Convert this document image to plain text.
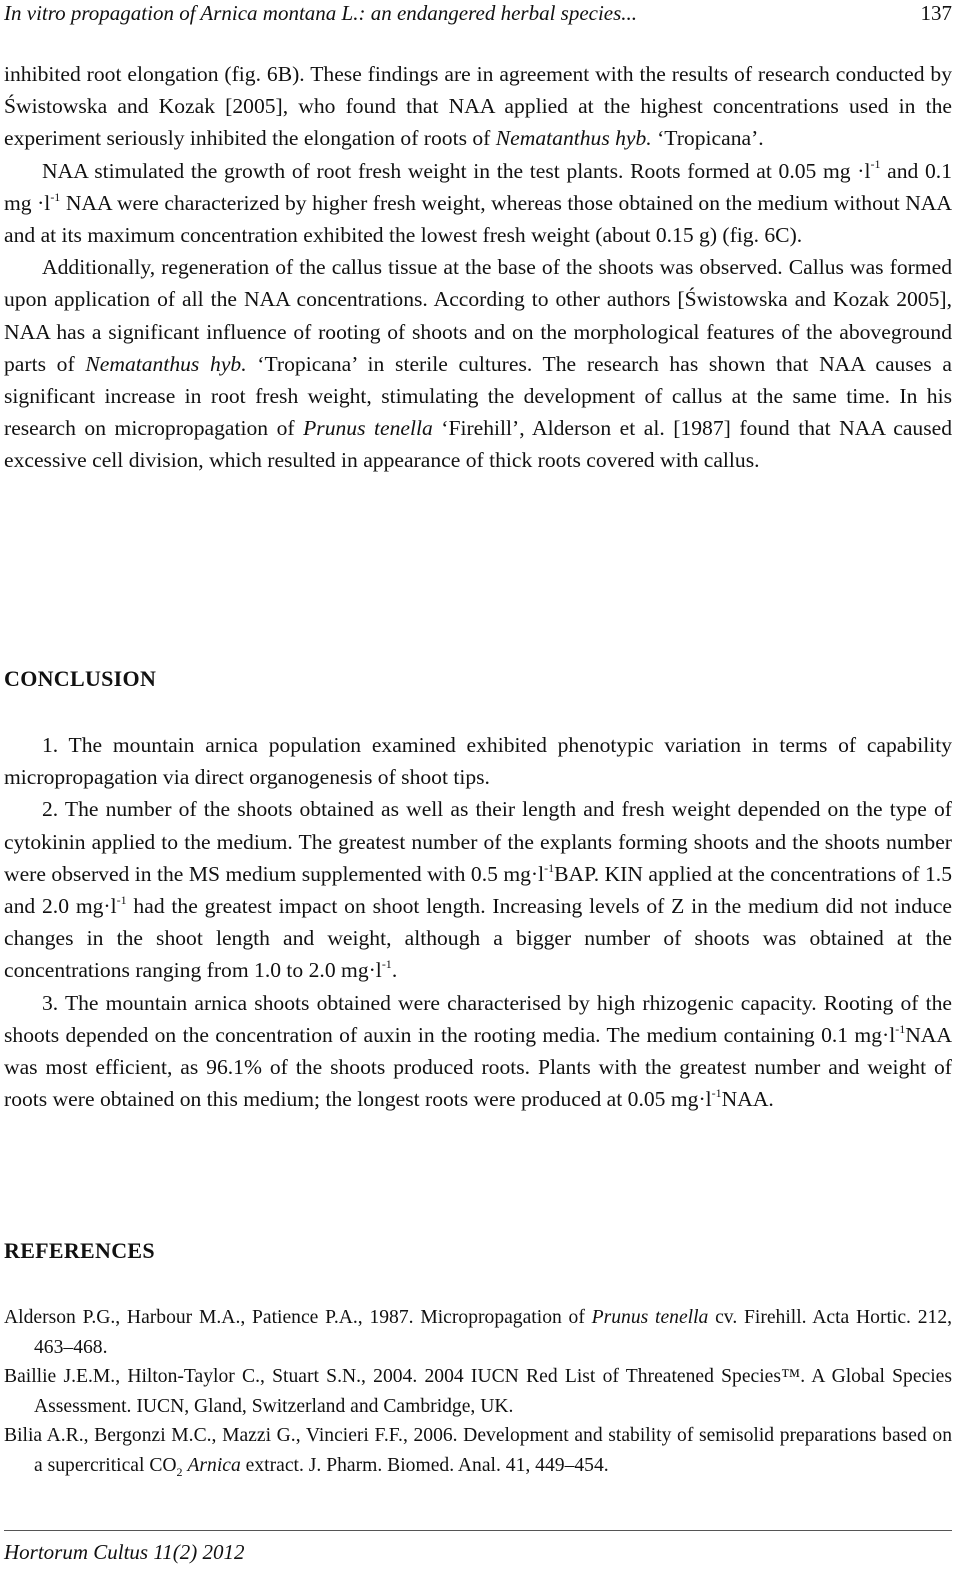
In vitro propagation of Arnica montana L.: an endangered herbal species...	137

inhibited root elongation (fig. 6B). These findings are in agreement with the results of research conducted by Świstowska and Kozak [2005], who found that NAA applied at the highest concentrations used in the experiment seriously inhibited the elongation of roots of Nematanthus hyb. ‘Tropicana’.

NAA stimulated the growth of root fresh weight in the test plants. Roots formed at 0.05 mg $\cdot l^{-1}$ and 0.1 mg $\cdot l^{-1}$ NAA were characterized by higher fresh weight, whereas those obtained on the medium without NAA and at its maximum concentration exhibited the lowest fresh weight (about 0.15 g) (fig. 6C).

Additionally, regeneration of the callus tissue at the base of the shoots was observed. Callus was formed upon application of all the NAA concentrations. According to other authors [Świstowska and Kozak 2005], NAA has a significant influence of rooting of shoots and on the morphological features of the aboveground parts of Nematanthus hyb. ‘Tropicana’ in sterile cultures. The research has shown that NAA causes a significant increase in root fresh weight, stimulating the development of callus at the same time. In his research on micropropagation of Prunus tenella ‘Firehill’, Alderson et al. [1987] found that NAA caused excessive cell division, which resulted in appearance of thick roots covered with callus.

CONCLUSION

1. The mountain arnica population examined exhibited phenotypic variation in terms of capability micropropagation via direct organogenesis of shoot tips.

2. The number of the shoots obtained as well as their length and fresh weight depended on the type of cytokinin applied to the medium. The greatest number of the explants forming shoots and the shoots number were observed in the MS medium supplemented with 0.5 $mg\cdot l^{-1}BAP$. KIN applied at the concentrations of 1.5 and 2.0 $mg\cdot l^{-1}$ had the greatest impact on shoot length. Increasing levels of Z in the medium did not induce changes in the shoot length and weight, although a bigger number of shoots was obtained at the concentrations ranging from 1.0 to 2.0 $mg\cdot l^{-1}$.

3. The mountain arnica shoots obtained were characterised by high rhizogenic capacity. Rooting of the shoots depended on the concentration of auxin in the rooting media. The medium containing 0.1 $mg\cdot l^{-1}NAA$ was most efficient, as 96.1% of the shoots produced roots. Plants with the greatest number and weight of roots were obtained on this medium; the longest roots were produced at 0.05 $mg\cdot l^{-1}NAA$.

REFERENCES

Alderson P.G., Harbour M.A., Patience P.A., 1987. Micropropagation of Prunus tenella cv. Firehill. Acta Hortic. 212, 463–468.

Baillie J.E.M., Hilton-Taylor C., Stuart S.N., 2004. 2004 IUCN Red List of Threatened Species™. A Global Species Assessment. IUCN, Gland, Switzerland and Cambridge, UK.

Bilia A.R., Bergonzi M.C., Mazzi G., Vincieri F.F., 2006. Development and stability of semisolid preparations based on a supercritical $CO_2$ Arnica extract. J. Pharm. Biomed. Anal. 41, 449–454.

Hortorum Cultus 11(2) 2012
